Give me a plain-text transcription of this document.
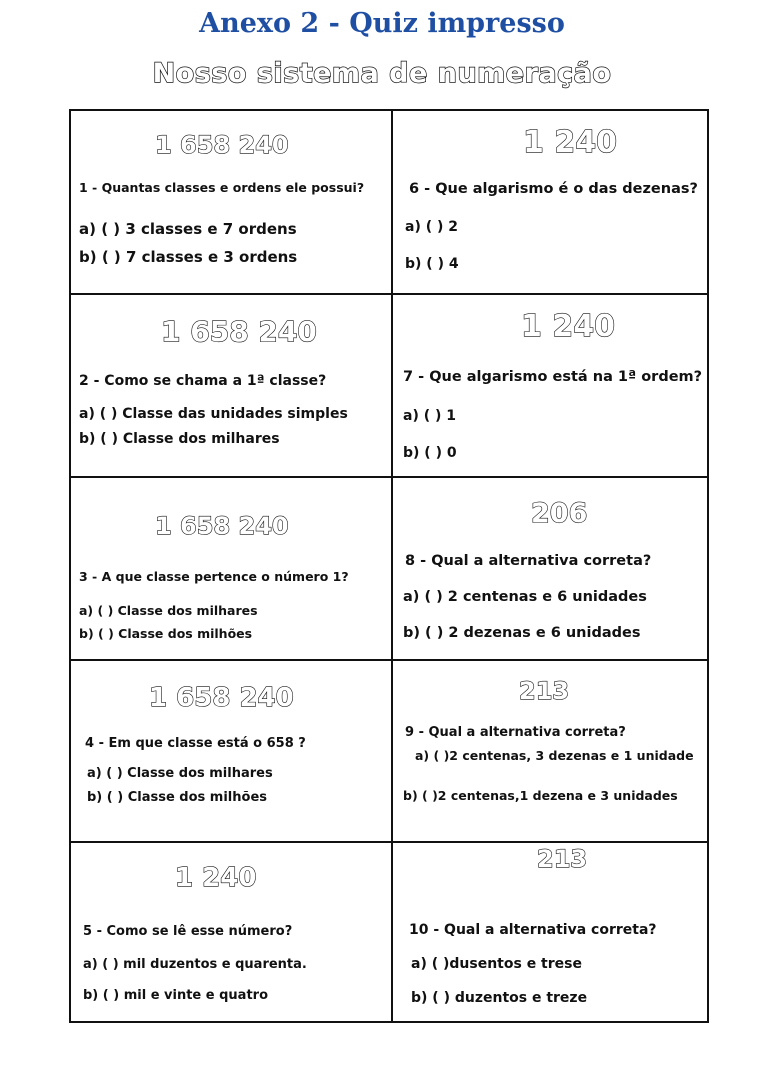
Anexo 2 - Quiz impresso
Nosso sistema de numeração
1 658 240
1 - Quantas classes e ordens ele possui?
a) ( ) 3 classes e 7 ordens
b) ( ) 7 classes e 3 ordens
1 240
6 - Que algarismo é o das dezenas?
a) ( ) 2
b) ( ) 4
1 658 240
2 - Como se chama a 1ª classe?
a) ( ) Classe das unidades simples
b) ( ) Classe dos milhares
1 240
7 - Que algarismo está na 1ª ordem?
a) ( ) 1
b) ( ) 0
1 658 240
3 - A que classe pertence o número 1?
a) ( ) Classe dos milhares
b) ( ) Classe dos milhões
206
8 - Qual a alternativa correta?
a) ( ) 2 centenas e 6 unidades
b) ( ) 2 dezenas e 6 unidades
1 658 240
4 - Em que classe está o 658 ?
a) ( ) Classe dos milhares
b) ( ) Classe dos milhões
213
9 - Qual a alternativa correta?
a) ( )2 centenas, 3 dezenas e 1 unidade
b) ( )2 centenas,1 dezena e 3 unidades
1 240
5 - Como se lê esse número?
a) ( ) mil duzentos e quarenta.
b) ( ) mil e vinte e quatro
213
10 - Qual a alternativa correta?
a) ( )dusentos e trese
b) ( ) duzentos e treze
